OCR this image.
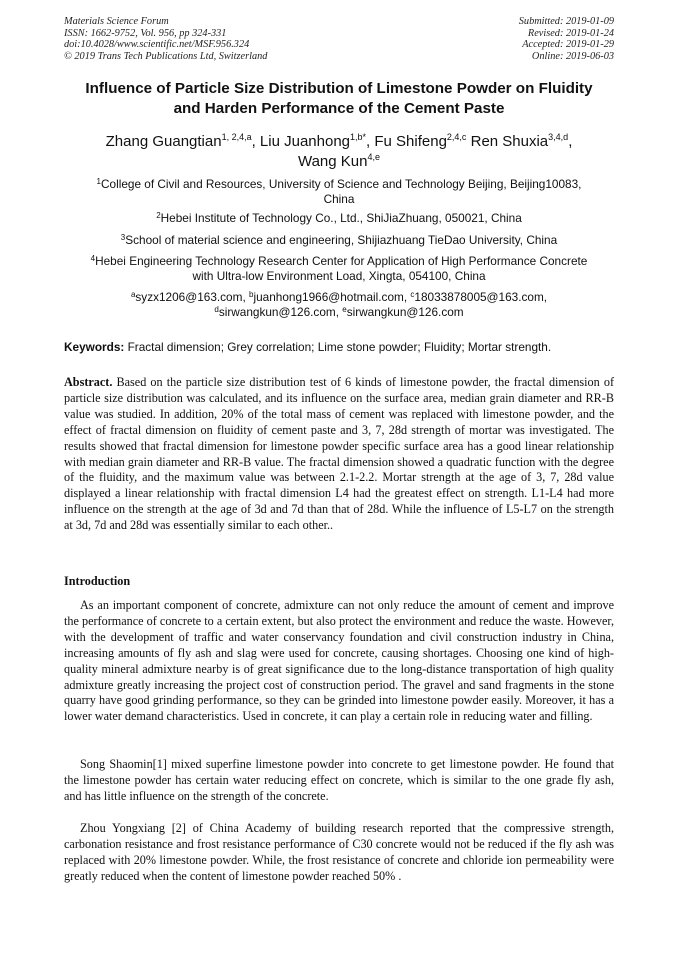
Materials Science Forum
ISSN: 1662-9752, Vol. 956, pp 324-331
doi:10.4028/www.scientific.net/MSF.956.324
© 2019 Trans Tech Publications Ltd, Switzerland
Submitted: 2019-01-09
Revised: 2019-01-24
Accepted: 2019-01-29
Online: 2019-06-03
Influence of Particle Size Distribution of Limestone Powder on Fluidity
and Harden Performance of the Cement Paste
Zhang Guangtian$^{1, 2,4,a}$, Liu Juanhong$^{1,b*}$, Fu Shifeng$^{2,4,c}$ Ren Shuxia$^{3,4,d}$,
Wang Kun$^{4,e}$
$^1$College of Civil and Resources, University of Science and Technology Beijing, Beijing10083,
China
$^2$Hebei Institute of Technology Co., Ltd., ShiJiaZhuang, 050021, China
$^3$School of material science and engineering, Shijiazhuang TieDao University, China
$^4$Hebei Engineering Technology Research Center for Application of High Performance Concrete
with Ultra-low Environment Load, Xingta, 054100, China
$^a$syzx1206@163.com, $^b$juanhong1966@hotmail.com, $^c$18033878005@163.com,
$^d$sirwangkun@126.com, $^e$sirwangkun@126.com
Keywords: Fractal dimension; Grey correlation; Lime stone powder; Fluidity; Mortar strength.
Abstract. Based on the particle size distribution test of 6 kinds of limestone powder, the fractal dimension of particle size distribution was calculated, and its influence on the surface area, median grain diameter and RR-B value was studied. In addition, 20% of the total mass of cement was replaced with limestone powder, and the effect of fractal dimension on fluidity of cement paste and 3, 7, 28d strength of mortar was investigated. The results showed that fractal dimension for limestone powder specific surface area has a good linear relationship with median grain diameter and RR-B value. The fractal dimension showed a quadratic function with the degree of the fluidity, and the maximum value was between 2.1-2.2. Mortar strength at the age of 3, 7, 28d value displayed a linear relationship with fractal dimension L4 had the greatest effect on strength. L1-L4 had more influence on the strength at the age of 3d and 7d than that of 28d. While the influence of L5-L7 on the strength at 3d, 7d and 28d was essentially similar to each other..
Introduction
As an important component of concrete, admixture can not only reduce the amount of cement and improve the performance of concrete to a certain extent, but also protect the environment and reduce the waste. However, with the development of traffic and water conservancy foundation and civil construction industry in China, increasing amounts of fly ash and slag were used for concrete, causing shortages. Choosing one kind of high-quality mineral admixture nearby is of great significance due to the long-distance transportation of high quality admixture greatly increasing the project cost of construction period. The gravel and sand fragments in the stone quarry have good grinding performance, so they can be grinded into limestone powder easily. Moreover, it has a lower water demand characteristics. Used in concrete, it can play a certain role in reducing water and filling.
Song Shaomin[1] mixed superfine limestone powder into concrete to get limestone powder. He found that the limestone powder has certain water reducing effect on concrete, which is similar to the one grade fly ash, and has little influence on the strength of the concrete.
Zhou Yongxiang [2] of China Academy of building research reported that the compressive strength, carbonation resistance and frost resistance performance of C30 concrete would not be reduced if the fly ash was replaced with 20% limestone powder. While, the frost resistance of concrete and chloride ion permeability were greatly reduced when the content of limestone powder reached 50% .
